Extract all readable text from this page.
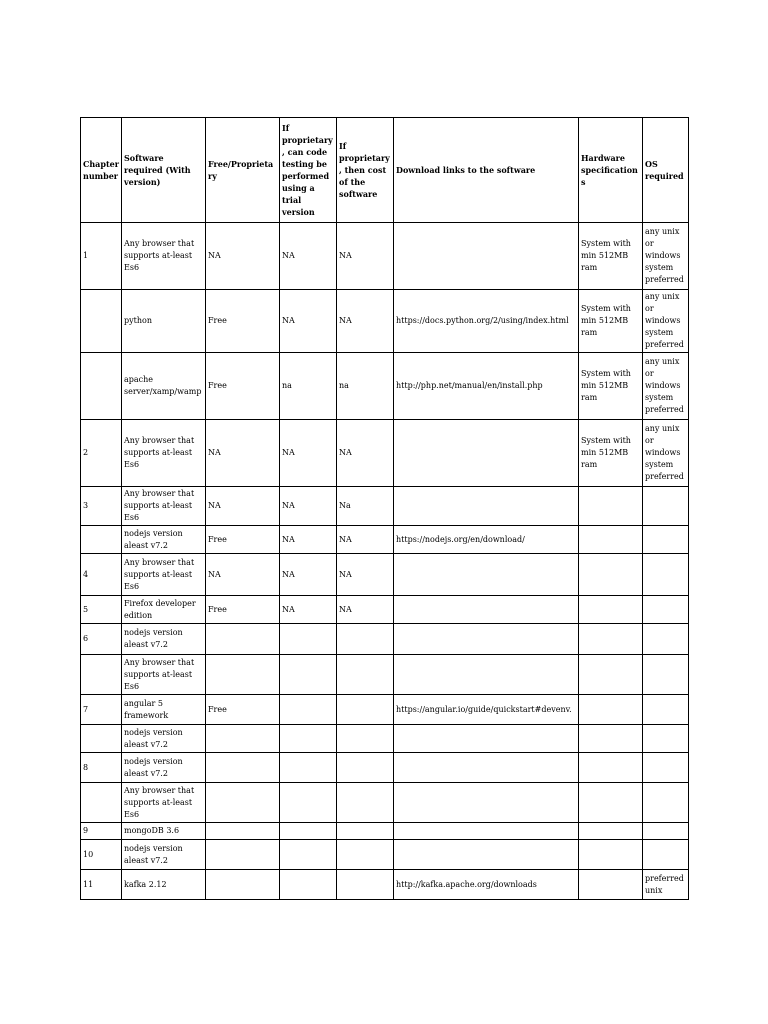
Chapter number	Software required (With version)	Free/Proprietary	If proprietary, can code testing be performed using a trial version	If proprietary, then cost of the software	Download links to the software	Hardware specifications	OS required
1	Any browser that supports at-least Es6	NA	NA	NA		System with min 512MB ram	any unix or windows system preferred
	python	Free	NA	NA	https://docs.python.org/2/using/index.html	System with min 512MB ram	any unix or windows system preferred
	apache server/xamp/wamp	Free	na	na	http://php.net/manual/en/install.php	System with min 512MB ram	any unix or windows system preferred
2	Any browser that supports at-least Es6	NA	NA	NA		System with min 512MB ram	any unix or windows system preferred
3	Any browser that supports at-least Es6	NA	NA	Na			
	nodejs version aleast v7.2	Free	NA	NA	https://nodejs.org/en/download/		
4	Any browser that supports at-least Es6	NA	NA	NA			
5	Firefox developer edition	Free	NA	NA			
6	nodejs version aleast v7.2						
	Any browser that supports at-least Es6						
7	angular 5 framework	Free			https://angular.io/guide/quickstart#devenv.		
	nodejs version aleast v7.2						
8	nodejs version aleast v7.2						
	Any browser that supports at-least Es6						
9	mongoDB 3.6						
10	nodejs version aleast v7.2						
11	kafka 2.12				http://kafka.apache.org/downloads		preferred unix
